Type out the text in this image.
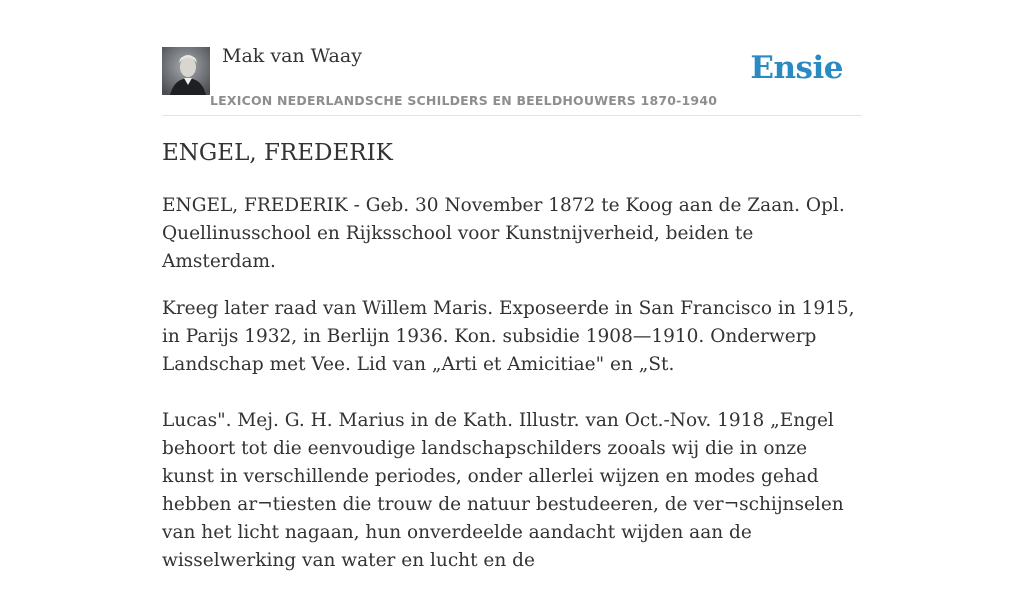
Mak van Waay
LEXICON NEDERLANDSCHE SCHILDERS EN BEELDHOUWERS 1870-1940
Ensie
ENGEL, FREDERIK

ENGEL, FREDERIK - Geb. 30 November 1872 te Koog aan de Zaan. Opl. Quellinusschool en Rijksschool voor Kunstnijverheid, beiden te Amsterdam.

Kreeg later raad van Willem Maris. Exposeerde in San Francisco in 1915, in Parijs 1932, in Berlijn 1936. Kon. subsidie 1908—1910. Onderwerp Landschap met Vee. Lid van „Arti et Amicitiae" en „St.

Lucas". Mej. G. H. Marius in de Kath. Illustr. van Oct.-Nov. 1918 „Engel behoort tot die eenvoudige landschapschilders zooals wij die in onze kunst in verschillende periodes, onder allerlei wijzen en modes gehad hebben ar¬tiesten die trouw de natuur bestudeeren, de ver¬schijnselen van het licht nagaan, hun onverdeelde aandacht wijden aan de wisselwerking van water en lucht en de
